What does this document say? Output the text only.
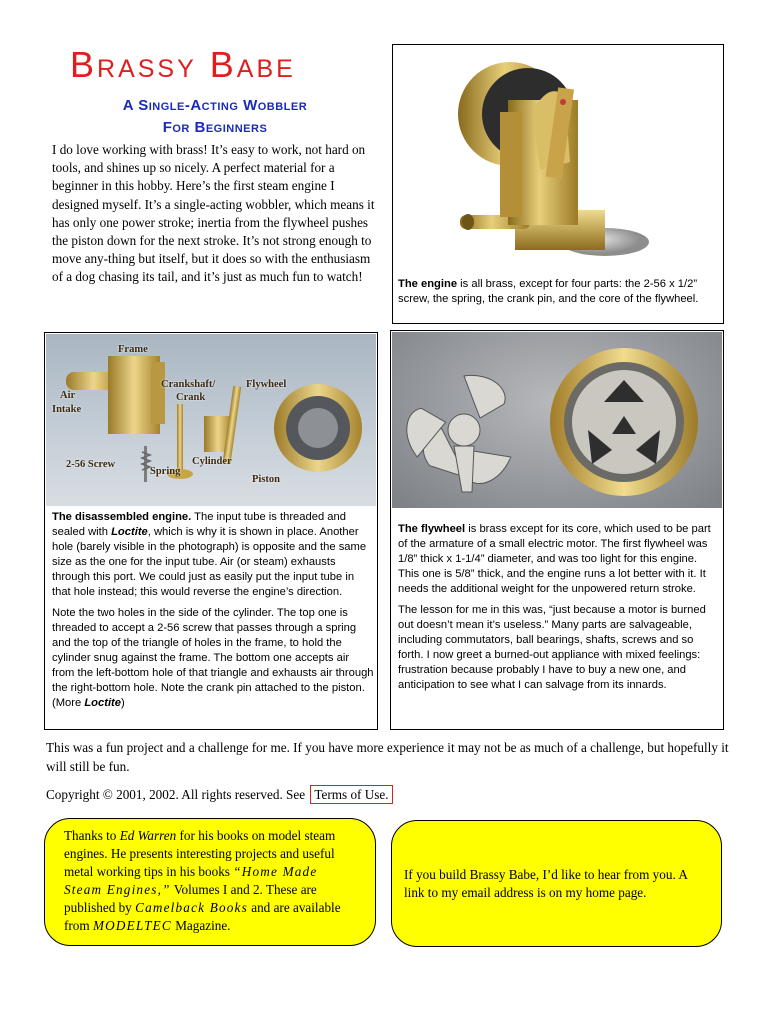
Brassy Babe
A Single-Acting Wobbler
For Beginners
I do love working with brass! It’s easy to work, not hard on tools, and shines up so nicely. A perfect material for a beginner in this hobby. Here’s the first steam engine I designed myself. It’s a single-acting wobbler, which means it has only one power stroke; inertia from the flywheel pushes the piston down for the next stroke. It’s not strong enough to move any-thing but itself, but it does so with the enthusiasm of a dog chasing its tail, and it’s just as much fun to watch!	The engine is all brass, except for four parts: the 2-56 x 1/2” screw, the spring, the crank pin, and the core of the flywheel.
Frame
Air
Intake
Crankshaft/
Crank
Flywheel
2-56 Screw
Spring
Cylinder
Piston

The disassembled engine. The input tube is threaded and sealed with Loctite, which is why it is shown in place. Another hole (barely visible in the photograph) is opposite and the same size as the one for the input tube. Air (or steam) exhausts through this port. We could just as easily put the input tube in that hole instead; this would reverse the engine’s direction.

Note the two holes in the side of the cylinder. The top one is threaded to accept a 2-56 screw that passes through a spring and the top of the triangle of holes in the frame, to hold the cylinder snug against the frame. The bottom one accepts air from the left-bottom hole of that triangle and exhausts air through the right-bottom hole. Note the crank pin attached to the piston. (More Loctite)

The flywheel is brass except for its core, which used to be part of the armature of a small electric motor. The first flywheel was 1/8” thick x 1-1/4” diameter, and was too light for this engine. This one is 5/8” thick, and the engine runs a lot better with it. It needs the additional weight for the unpowered return stroke.

The lesson for me in this was, “just because a motor is burned out doesn’t mean it’s useless.” Many parts are salvageable, including commutators, ball bearings, shafts, screws and so forth. I now greet a burned-out appliance with mixed feelings: frustration because probably I have to buy a new one, and anticipation to see what I can salvage from its innards.

This was a fun project and a challenge for me. If you have more experience it may not be as much of a challenge, but hopefully it will still be fun.
Copyright © 2001, 2002. All rights reserved. See Terms of Use.
Thanks to Ed Warren for his books on model steam engines. He presents interesting projects and useful metal working tips in his books “Home Made Steam Engines,” Volumes I and 2. These are published by Camelback Books and are available from MODELTEC Magazine.
If you build Brassy Babe, I’d like to hear from you. A link to my email address is on my home page.
